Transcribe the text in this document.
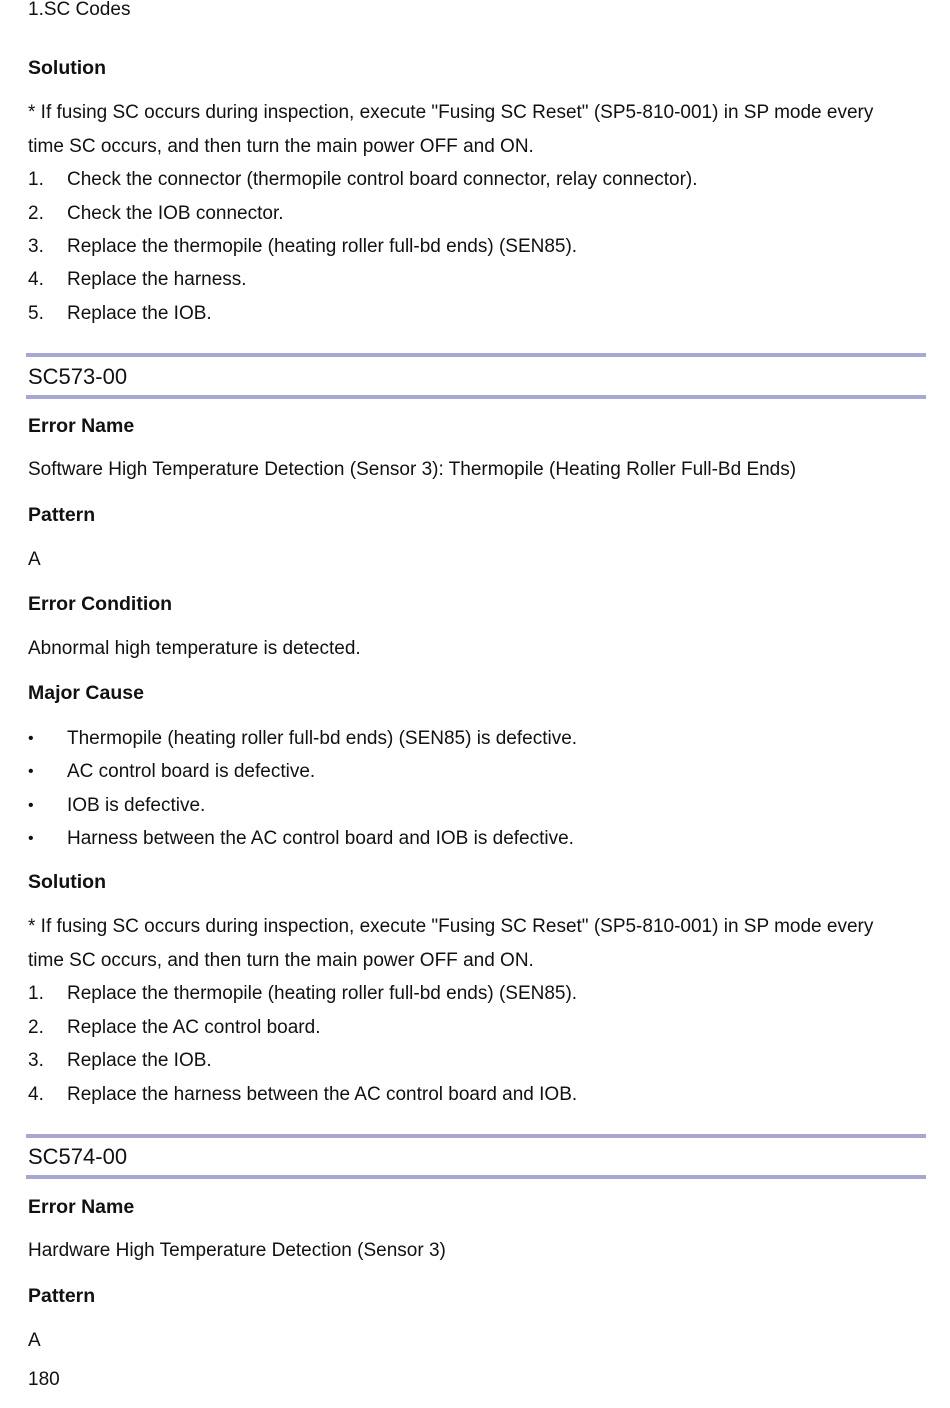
1.SC Codes
Solution
* If fusing SC occurs during inspection, execute "Fusing SC Reset" (SP5-810-001) in SP mode every
time SC occurs, and then turn the main power OFF and ON.
1. Check the connector (thermopile control board connector, relay connector).
2. Check the IOB connector.
3. Replace the thermopile (heating roller full-bd ends) (SEN85).
4. Replace the harness.
5. Replace the IOB.
SC573-00
Error Name
Software High Temperature Detection (Sensor 3): Thermopile (Heating Roller Full-Bd Ends)
Pattern
A
Error Condition
Abnormal high temperature is detected.
Major Cause
• Thermopile (heating roller full-bd ends) (SEN85) is defective.
• AC control board is defective.
• IOB is defective.
• Harness between the AC control board and IOB is defective.
Solution
* If fusing SC occurs during inspection, execute "Fusing SC Reset" (SP5-810-001) in SP mode every
time SC occurs, and then turn the main power OFF and ON.
1. Replace the thermopile (heating roller full-bd ends) (SEN85).
2. Replace the AC control board.
3. Replace the IOB.
4. Replace the harness between the AC control board and IOB.
SC574-00
Error Name
Hardware High Temperature Detection (Sensor 3)
Pattern
A
180
